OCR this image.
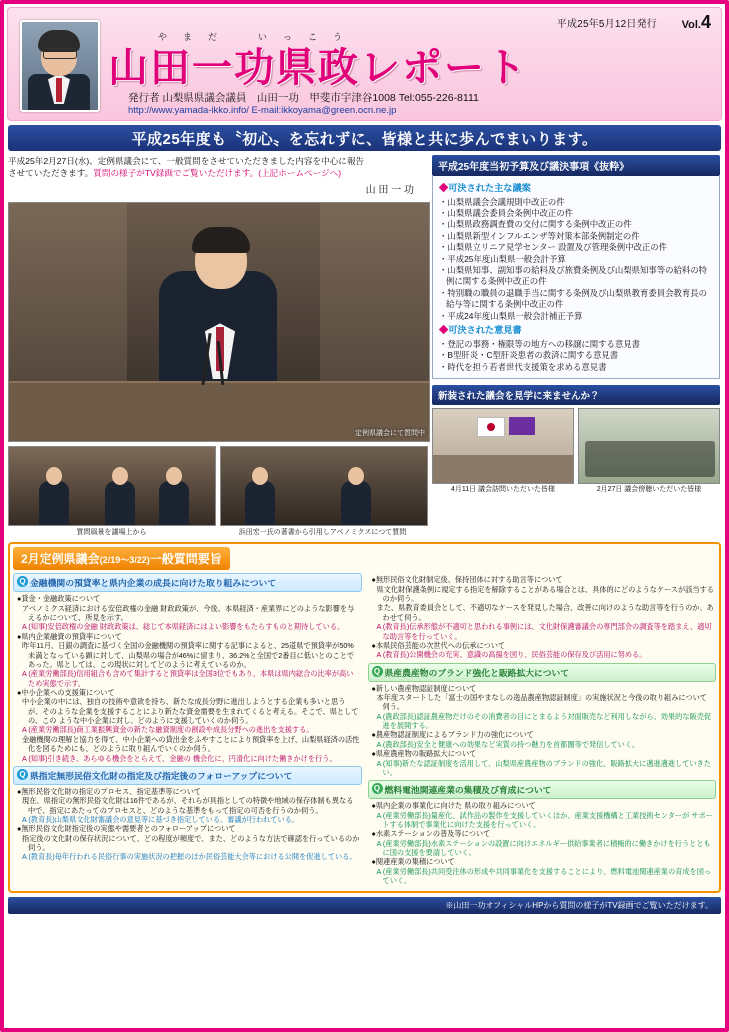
平成25年5月12日発行 Vol.4
やまだ　いっこう
山田一功県政レポート
発行者 山梨県県議会議員　山田一功　甲斐市宇津谷1008 Tel:055-226-8111
http://www.yamada-ikko.info/ E-mail:ikkoyama@green.ocn.ne.jp
平成25年度も〝初心〟を忘れずに、皆様と共に歩んでまいります。
平成25年2月27日(水)、定例県議会にて、一般質問をさせていただきました内容を中心に報告
させていただきます。質問の様子がTV録画でご覧いただけます。(上記ホームページへ)
山 田 一 功
定例県議会にて質問中
質問風景を議場上から	浜田宏一氏の著書から引用しアベノミクスにつて質問
平成25年度当初予算及び議決事項《抜粋》
◆可決された主な議案
・山梨県議会会議規則中改正の件
・山梨県議会委員会条例中改正の件
・山梨県政務調査費の交付に関する条例中改正の件
・山梨県新型インフルエンザ等対策本部条例制定の件
・山梨県立リニア見学センター 設置及び管理条例中改正の件
・平成25年度山梨県一般会計予算
・山梨県知事、副知事の給料及び旅費条例及び山梨県知事等の給料の特例に関する条例中改正の件
・特別職の職員の退職手当に関する条例及び山梨県教育委員会教育長の給与等に関する条例中改正の件
・平成24年度山梨県一般会計補正予算
◆可決された意見書
・登記の事務・権限等の地方への移譲に関する意見書
・B型肝炎・C型肝炎患者の救済に関する意見書
・時代を担う若者世代支援策を求める意見書
新装された議会を見学に来ませんか？
4月11日 議会訪問いただいた皆様	2月27日 議会傍聴いただいた皆様
2月定例県議会(2/19〜3/22)一般質問要旨
Q 金融機関の預貸率と県内企業の成長に向けた取り組みについて
●貸金・金融政策について
アベノミクス経済における安倍政権の金融 財政政策が、今後、本県経済・産業界にどのような影響を与えるかについて、所見を示す。
A (知事)安倍政権の金融 財政政策は、総じて本県経済にはよい影響をもたらすものと期待している。
●県内企業融資の預貸率について
昨年11月、日銀の調査に基づく全国の金融機関の預貸率に関する記事によると、25道県で預貸率が50%未満となっている顕に対して、山梨県の場合が46%に留まり、36.2%と全国で2番目に低いとのことであった。県としては、この現状に対してどのように考えているのか。
A (産業労働部長)信用組合も含めて集計すると預貸率は全国3位でもあり、本県は県内総合の比率が高いため実態で示す。
●中小企業への支援策について
中小企業の中には、独自の技術や意欲を持ち、新たな成長分野に進出しようとする企業も多いと思うが、そのような企業を支援することにより新たな資金需要を生まれてくると考える。そこで、県としての、この ような中小企業に対し、どのように支援していくのか伺う。
A (産業労働部長)商工業振興資金の新たな融資制度の創設や成長分野への進出を支援する。
金融機関の理解と協力を得て、中小企業への貸出金をふやすことにより預貸率を上げ、山梨県経済の活性化を図るためにも、どのように取り組んでいくのか伺う。
A (知事)引き続き、あらゆる機会をとらえて、金融の 機会化に、円滑化に向けた働きかけを行う。
Q 県指定無形民俗文化財の指定及び指定後のフォローアップについて
●無形民俗文化財の指定のプロセス、指定基準等について
現在、県指定の無形民俗文化財は16件であるが、それらが具指としての特徴や地域の保存体制も異なる中で、指定にあたってのプロセスと、どのような基準をもって指定の可否を行うのか伺う。
A (教育長)山梨県文化財審議会の意見等に基づき指定している。審議が行われている。
●無形民俗文化財指定後の実態や需要者とのフォローアップについて
指定後の文化財の保存状況について、どの程度が頻度で、また、どのような方法で確認を行っているのか伺う。
A (教育長)毎年行われる民俗行事の実施状況の把握のほか民俗芸能大会等における公開を促進している。
●無形民俗文化財制定後、保持団体に対する助言等について
県文化財保護条例に規定する指定を解除することがある場合とは、具体的にどのようなケースが該当するのか伺う。
また、県教育委員会として、不適切なケースを発見した場合、改善に向けのような助言等を行うのか、あわせて伺う。
A (教育長)伝承形態が不適切と思われる事例には、文化財保護審議会の専門部会の調査等を踏まえ、適切な助言等を行っていく。
●本県民俗芸能の次世代への伝承について
A (教育長)公開機会の充実、意識の高揚を図り、民俗芸能の保存及び活用に努める。
Q 県産農産物のブランド強化と販路拡大について
●新しい農産物認証制度について
本年度スタートした「富士の国やまなしの逸品農産物認証制度」の実施状況と今後の取り組みについて伺う。
A (農政部長)認証農産物だけのその消費者の目にとまるよう対面販売など利用しながら、効果的な販売促進を展開する。
●農産物認証制度によるブランド力の強化について
A (農政部長)安全と健康への効果など実質の持つ魅力を首都圏等で発信していく。
●県産農産物の販路拡大について
A (知事)新たな認証制度を活用して、山梨県産農産物のブランドの強化、販路拡大に邁進邁進していきたい。
Q 燃料電池関連産業の集積及び育成について
●県内企業の事業化に向けた 県の取り組みについて
A (産業労働部長)量産化、試作品の製作を支援していくほか、産業支援機構と工業技術センターが サポートする体制で事業化に向けた支援を行っていく。
●水素ステーションの普及等について
A (産業労働部長)水素ステーションの設置に向けエネルギー供給事業者に積極的に働きかけを行うとともに国の支援を要請していく。
●関連産業の集積について
A (産業労働部長)共同受注体の形成や共同事業化を支援することにより、燃料電池関連産業の育成を図っていく。
※山田一功オフィシャルHPから質問の様子がTV録画でご覧いただけます。
